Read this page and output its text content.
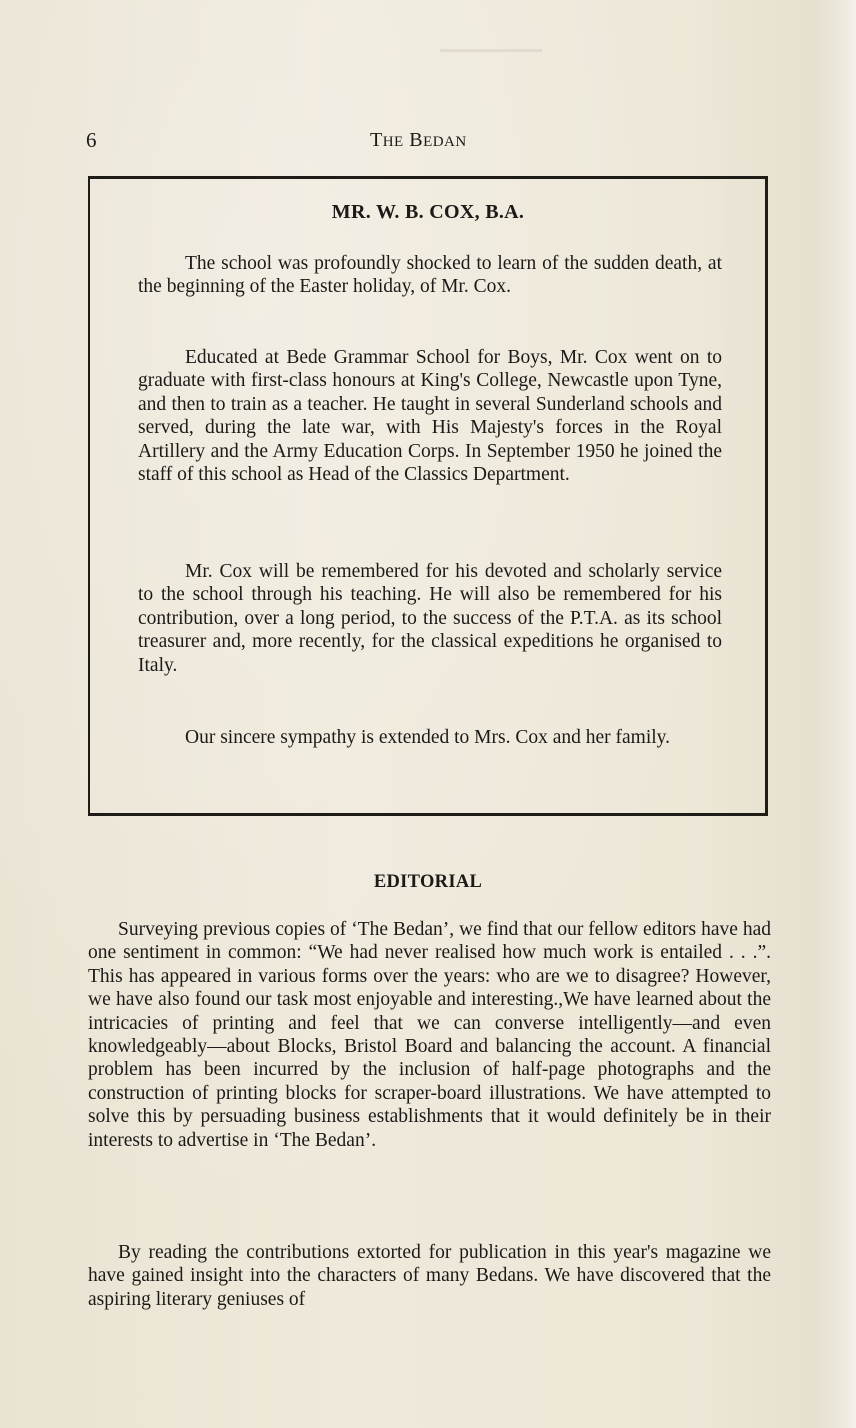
▔▔▔▔▔▔▔
6	THE BEDAN
MR. W. B. COX, B.A.

The school was profoundly shocked to learn of the sudden death, at the beginning of the Easter holiday, of Mr. Cox.

Educated at Bede Grammar School for Boys, Mr. Cox went on to graduate with first-class honours at King's College, Newcastle upon Tyne, and then to train as a teacher. He taught in several Sunderland schools and served, during the late war, with His Majesty's forces in the Royal Artillery and the Army Education Corps. In September 1950 he joined the staff of this school as Head of the Classics Department.

Mr. Cox will be remembered for his devoted and scholarly service to the school through his teaching. He will also be remembered for his contribution, over a long period, to the success of the P.T.A. as its school treasurer and, more recently, for the classical expeditions he organised to Italy.

Our sincere sympathy is extended to Mrs. Cox and her family.

EDITORIAL

Surveying previous copies of ‘The Bedan’, we find that our fellow editors have had one sentiment in common: “We had never realised how much work is entailed . . .”. This has appeared in various forms over the years: who are we to disagree? However, we have also found our task most enjoyable and interesting.,We have learned about the intricacies of printing and feel that we can converse intelligently—and even knowledgeably—about Blocks, Bristol Board and balancing the account. A financial problem has been incurred by the inclusion of half-page photographs and the construction of printing blocks for scraper-board illustrations. We have attempted to solve this by persuading business establishments that it would definitely be in their interests to advertise in ‘The Bedan’.

By reading the contributions extorted for publication in this year's magazine we have gained insight into the characters of many Bedans. We have discovered that the aspiring literary geniuses of
